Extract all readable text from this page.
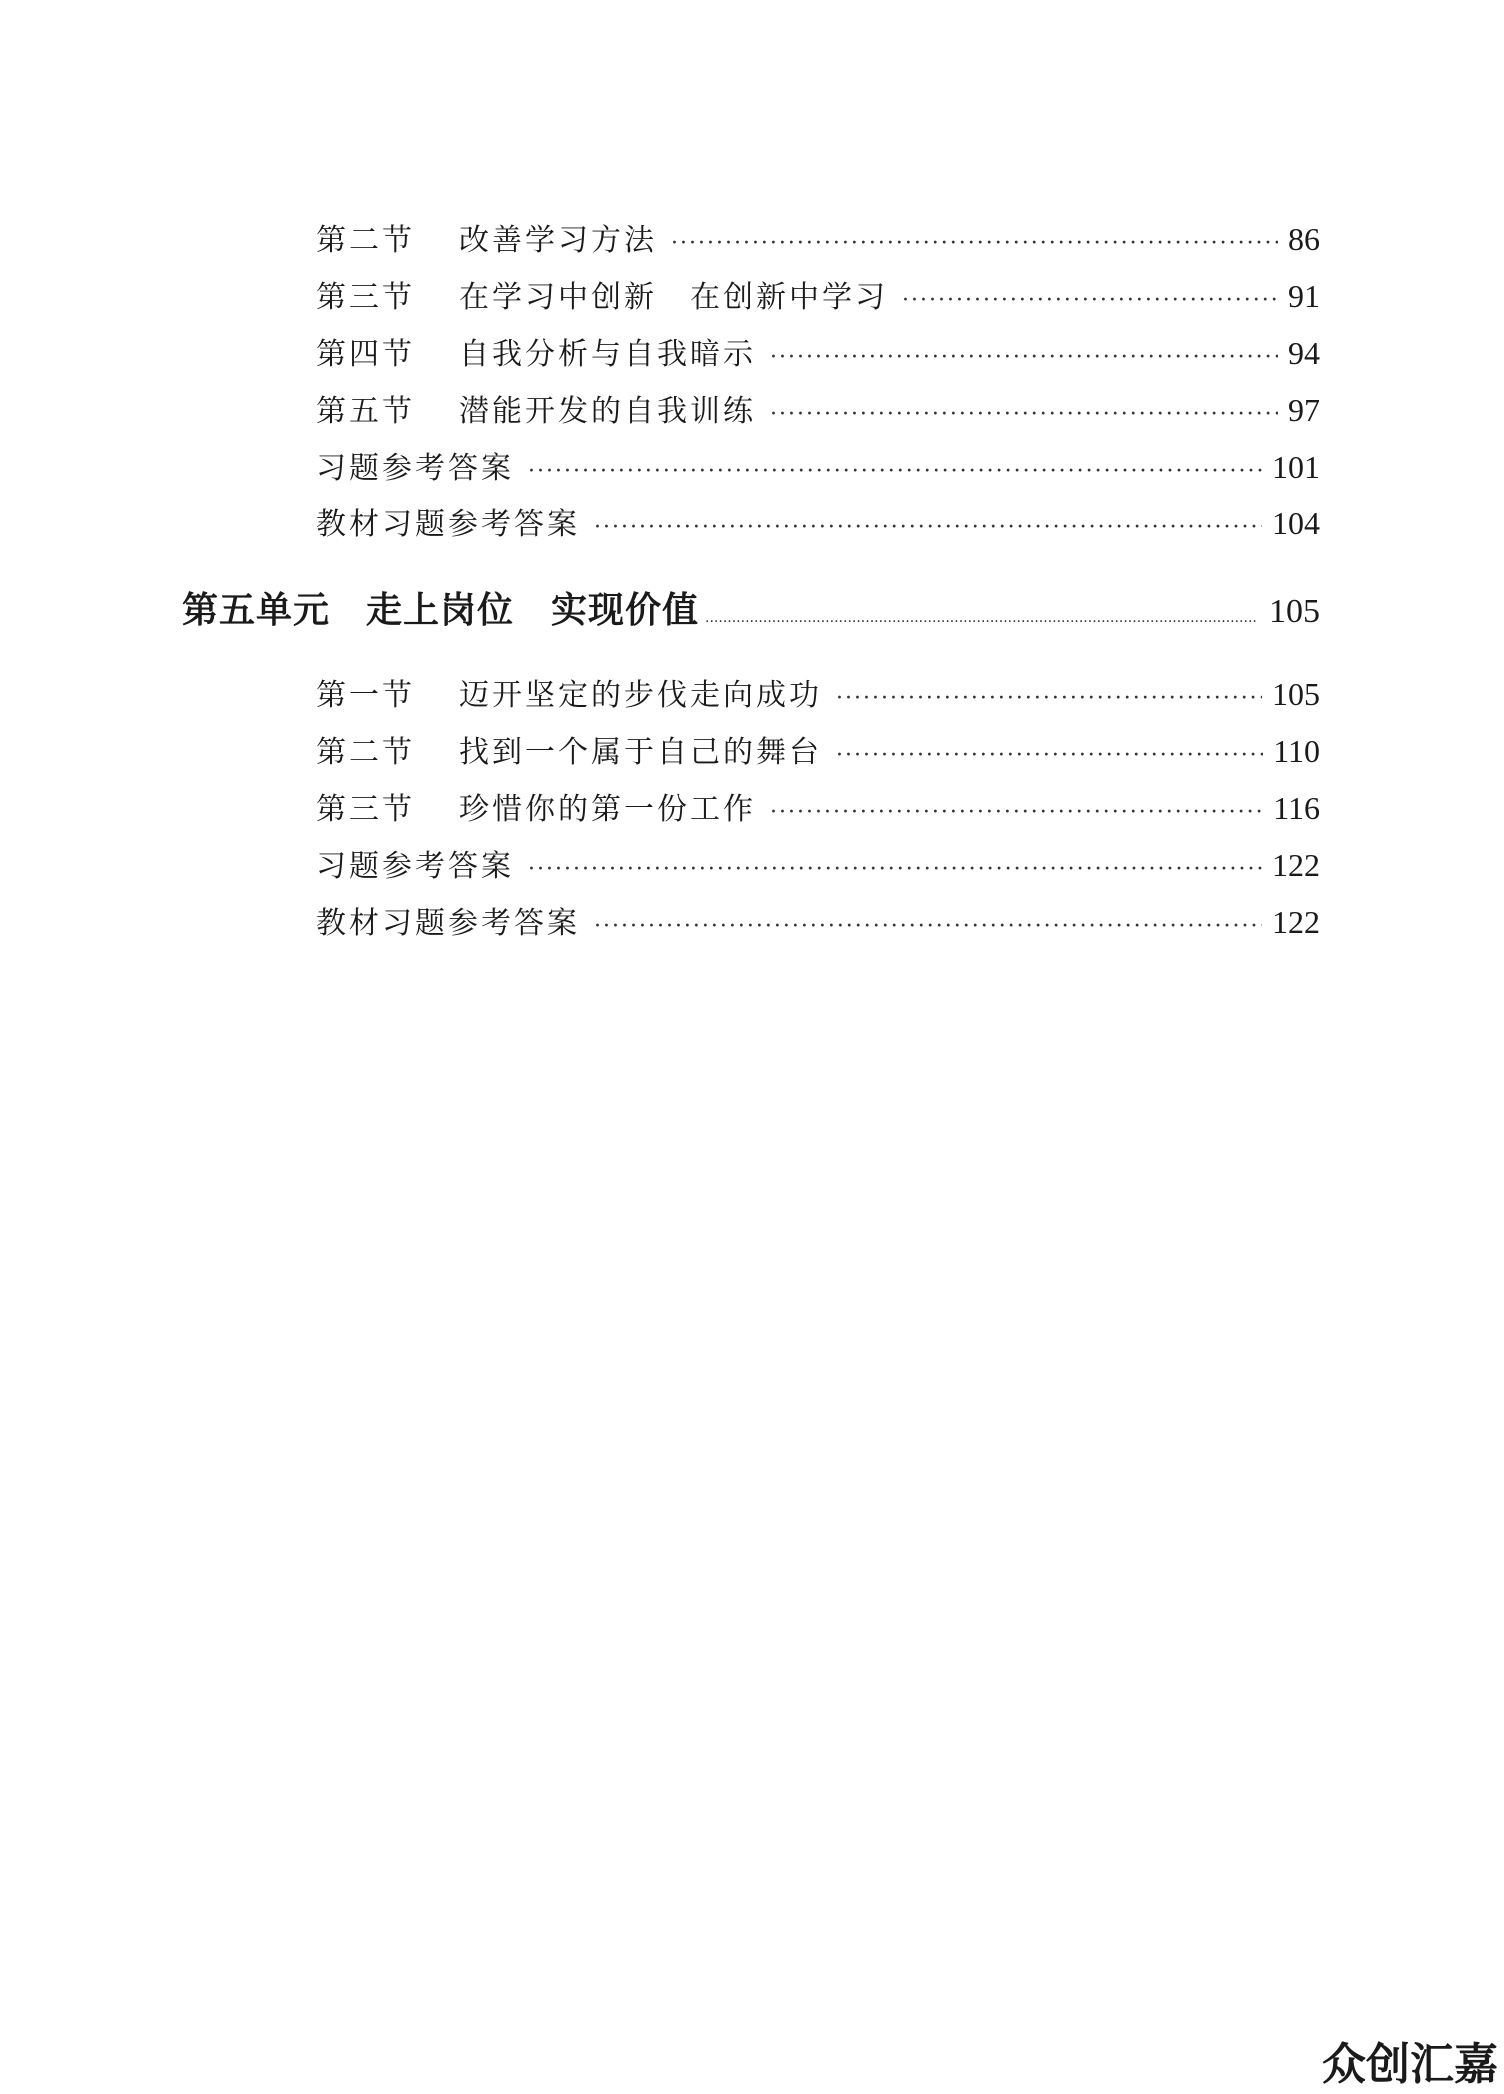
第二节 改善学习方法 ·····	86
第三节 在学习中创新　在创新中学习 ·····	91
第四节 自我分析与自我暗示 ·····	94
第五节 潜能开发的自我训练 ·····	97
习题参考答案 ·····	101
教材习题参考答案 ·····	104
第五单元 走上岗位　实现价值 .....	105
第一节 迈开坚定的步伐走向成功 ·····	105
第二节 找到一个属于自己的舞台 ·····	110
第三节 珍惜你的第一份工作 ·····	116
习题参考答案 ·····	122
教材习题参考答案 ·····	122
众创汇嘉
